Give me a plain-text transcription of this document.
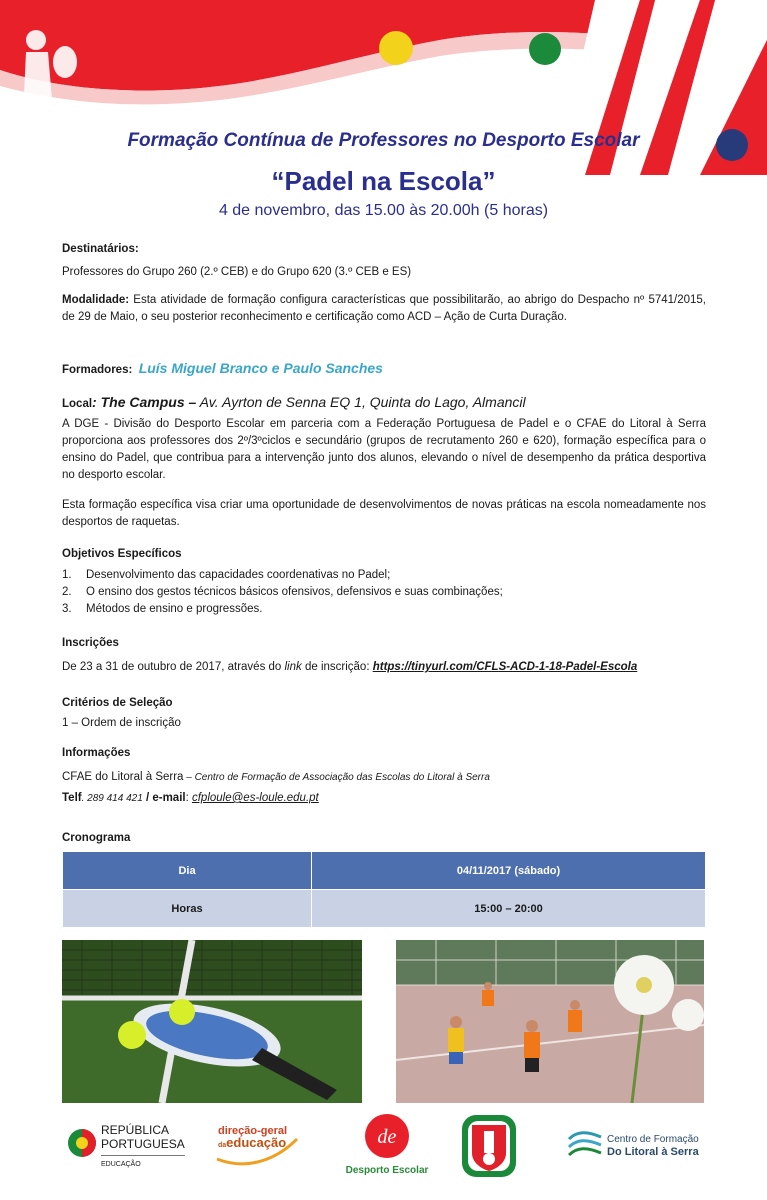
Formação Contínua de Professores no Desporto Escolar
“Padel na Escola”
4 de novembro, das 15.00 às 20.00h (5 horas)
Destinatários:
Professores do Grupo 260 (2.º CEB) e do Grupo 620 (3.º CEB e ES)
Modalidade: Esta atividade de formação configura características que possibilitarão, ao abrigo do Despacho nº 5741/2015, de 29 de Maio, o seu posterior reconhecimento e certificação como ACD – Ação de Curta Duração.
Formadores: Luís Miguel Branco e Paulo Sanches
Local: The Campus – Av. Ayrton de Senna EQ 1, Quinta do Lago, Almancil
A DGE - Divisão do Desporto Escolar em parceria com a Federação Portuguesa de Padel e o CFAE do Litoral à Serra proporciona aos professores dos 2º/3ºciclos e secundário (grupos de recrutamento 260 e 620), formação específica para o ensino do Padel, que contribua para a intervenção junto dos alunos, elevando o nível de desempenho da prática desportiva no desporto escolar.
Esta formação específica visa criar uma oportunidade de desenvolvimentos de novas práticas na escola nomeadamente nos desportos de raquetas.
Objetivos Específicos
1.	Desenvolvimento das capacidades coordenativas no Padel;
2.	O ensino dos gestos técnicos básicos ofensivos, defensivos e suas combinações;
3.	Métodos de ensino e progressões.
Inscrições
De 23 a 31 de outubro de 2017, através do link de inscrição: https://tinyurl.com/CFLS-ACD-1-18-Padel-Escola
Critérios de Seleção
1 – Ordem de inscrição
Informações
CFAE do Litoral à Serra – Centro de Formação de Associação das Escolas do Litoral à Serra
Telf. 289 414 421 / e-mail: cfploule@es-loule.edu.pt
Cronograma
Dia	04/11/2017 (sábado)
Horas	15:00 – 20:00
REPÚBLICA
PORTUGUESA
EDUCAÇÃO
direção-geral
daeducação	de
Desporto Escolar
Centro de Formação
Do Litoral à Serra
